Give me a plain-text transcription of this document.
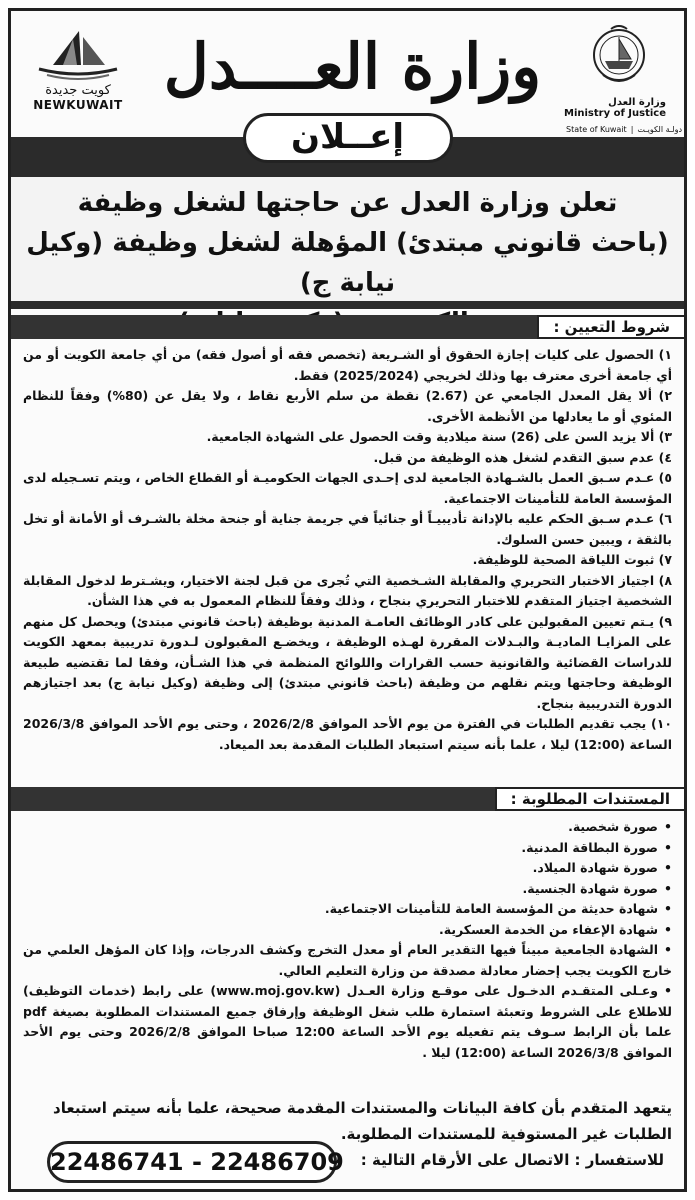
وزارة العدل
Ministry of Justice
State of Kuwait | دولـة الكويـت
وزارة العــــدل
كويت جديدة
NEWKUWAIT
إعــلان
تعلن وزارة العدل عن حاجتها لشغل وظيفة
(باحث قانوني مبتدئ) المؤهلة لشغل وظيفة (وكيل نيابة ج)
شروط التعيين :

١) الحصول على كليات إجازة الحقوق أو الشـريعة (تخصص فقه أو أصول فقه) من أي جامعة الكويت أو من أي جامعة أخرى معترف بها وذلك لخريجي (2025/2024) فقط.

٢) ألا يقل المعدل الجامعي عن (2.67) نقطة من سلم الأربع نقاط ، ولا يقل عن (80%) وفقاً للنظام المئوي أو ما يعادلها من الأنظمة الأخرى.

٣) ألا يزيد السن على (26) سنة ميلادية وقت الحصول على الشهادة الجامعية.

٤) عدم سبق التقدم لشغل هذه الوظيفة من قبل.

٥) عـدم سـبق العمل بالشـهادة الجامعية لدى إحـدى الجهات الحكوميـة أو القطاع الخاص ، ويتم تسـجيله لدى المؤسسة العامة للتأمينات الاجتماعية.

٦) عـدم سـبق الحكم عليه بالإدانة تأديبيـاً أو جنائياً في جريمة جناية أو جنحة مخلة بالشـرف أو الأمانة أو تخل بالثقة ، ويبين حسن السلوك.

٧) ثبوت اللياقة الصحية للوظيفة.

٨) اجتياز الاختبار التحريري والمقابلة الشـخصية التي تُجرى من قبل لجنة الاختيار، ويشـترط لدخول المقابلة الشخصية اجتياز المتقدم للاختبار التحريري بنجاح ، وذلك وفقاً للنظام المعمول به في هذا الشأن.

٩) يـتم تعيين المقبولين على كادر الوظائف العامـة المدنية بوظيفة (باحث قانوني مبتدئ) ويحصل كل منهم على المزايـا الماديـة والبـدلات المقررة لهـذه الوظيفة ، ويخضـع المقبولون لـدورة تدريبية بمعهد الكويت للدراسات القضائية والقانونية حسب القرارات واللوائح المنظمة في هذا الشـأن، وفقا لما تقتضيه طبيعة الوظيفة وحاجتها ويتم نقلهم من وظيفة (باحث قانوني مبتدئ) إلى وظيفة (وكيل نيابة ج) بعد اجتيازهم الدورة التدريبية بنجاح.

١٠) يجب تقديم الطلبات في الفترة من يوم الأحد الموافق 2026/2/8 ، وحتى يوم الأحد الموافق 2026/3/8 الساعة (12:00) ليلا ، علما بأنه سيتم استبعاد الطلبات المقدمة بعد الميعاد.

المستندات المطلوبة :

• صورة شخصية.

• صورة البطاقة المدنية.

• صورة شهادة الميلاد.

• صورة شهادة الجنسية.

• شهادة حديثة من المؤسسة العامة للتأمينات الاجتماعية.

• شهادة الإعفاء من الخدمة العسكرية.

• الشهادة الجامعية مبيناً فيها التقدير العام أو معدل التخرج وكشف الدرجات، وإذا كان المؤهل العلمي من خارج الكويت يجب إحضار معادلة مصدقة من وزارة التعليم العالي.

• وعـلى المتقـدم الدخـول على موقـع وزارة العـدل (www.moj.gov.kw) على رابط (خدمات التوظيف) للاطلاع على الشروط وتعبئة استمارة طلب شغل الوظيفة وإرفاق جميع المستندات المطلوبة بصيغة pdf علما بأن الرابط سـوف يتم تفعيله يوم الأحد الساعة 12:00 صباحا الموافق 2026/2/8 وحتى يوم الأحد الموافق 2026/3/8 الساعة (12:00) ليلا .

يتعهد المتقدم بأن كافة البيانات والمستندات المقدمة صحيحة، علما بأنه سيتم استبعاد الطلبات غير المستوفية للمستندات المطلوبة.
للاستفسار : الاتصال على الأرقام التالية :
22486741 - 22486709
